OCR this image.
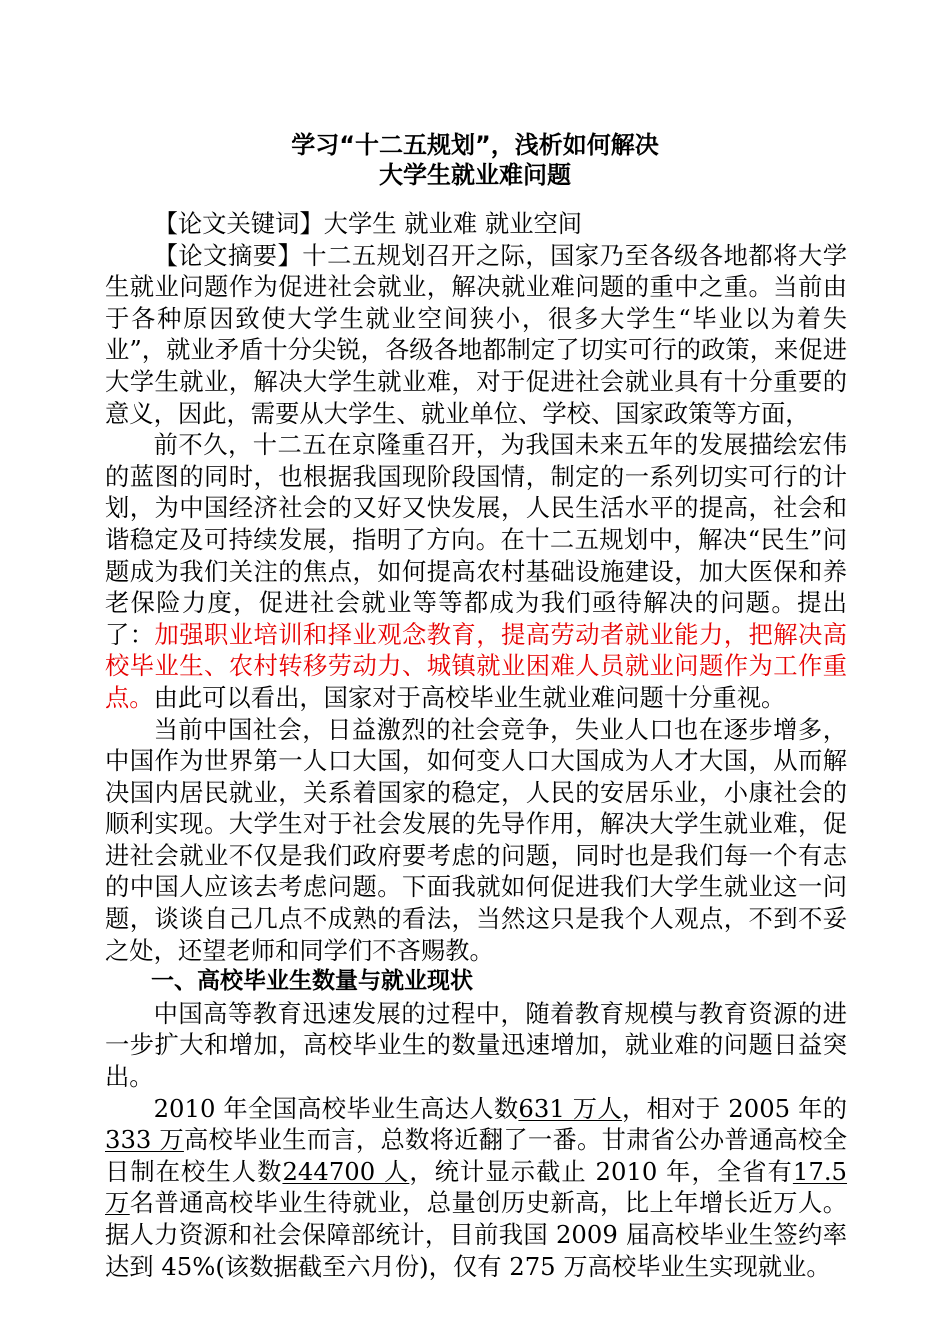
学习“十二五规划”，浅析如何解决
大学生就业难问题

【论文关键词】大学生 就业难 就业空间

【论文摘要】十二五规划召开之际，国家乃至各级各地都将大学生就业问题作为促进社会就业，解决就业难问题的重中之重。当前由于各种原因致使大学生就业空间狭小，很多大学生“毕业以为着失业”，就业矛盾十分尖锐，各级各地都制定了切实可行的政策，来促进大学生就业，解决大学生就业难，对于促进社会就业具有十分重要的意义，因此，需要从大学生、就业单位、学校、国家政策等方面，

前不久，十二五在京隆重召开，为我国未来五年的发展描绘宏伟的蓝图的同时，也根据我国现阶段国情，制定的一系列切实可行的计划，为中国经济社会的又好又快发展，人民生活水平的提高，社会和谐稳定及可持续发展，指明了方向。在十二五规划中，解决“民生”问题成为我们关注的焦点，如何提高农村基础设施建设，加大医保和养老保险力度，促进社会就业等等都成为我们亟待解决的问题。提出了：加强职业培训和择业观念教育，提高劳动者就业能力，把解决高校毕业生、农村转移劳动力、城镇就业困难人员就业问题作为工作重点。由此可以看出，国家对于高校毕业生就业难问题十分重视。

当前中国社会，日益激烈的社会竞争，失业人口也在逐步增多，中国作为世界第一人口大国，如何变人口大国成为人才大国，从而解决国内居民就业，关系着国家的稳定，人民的安居乐业，小康社会的顺利实现。大学生对于社会发展的先导作用，解决大学生就业难，促进社会就业不仅是我们政府要考虑的问题，同时也是我们每一个有志的中国人应该去考虑问题。下面我就如何促进我们大学生就业这一问题，谈谈自己几点不成熟的看法，当然这只是我个人观点，不到不妥之处，还望老师和同学们不吝赐教。

一、高校毕业生数量与就业现状

中国高等教育迅速发展的过程中，随着教育规模与教育资源的进一步扩大和增加，高校毕业生的数量迅速增加，就业难的问题日益突出。

2010 年全国高校毕业生高达人数631 万人，相对于 2005 年的333 万高校毕业生而言，总数将近翻了一番。甘肃省公办普通高校全日制在校生人数244700 人，统计显示截止 2010 年，全省有17.5 万名普通高校毕业生待就业，总量创历史新高，比上年增长近万人。据人力资源和社会保障部统计，目前我国 2009 届高校毕业生签约率达到 45%(该数据截至六月份)，仅有 275 万高校毕业生实现就业。
